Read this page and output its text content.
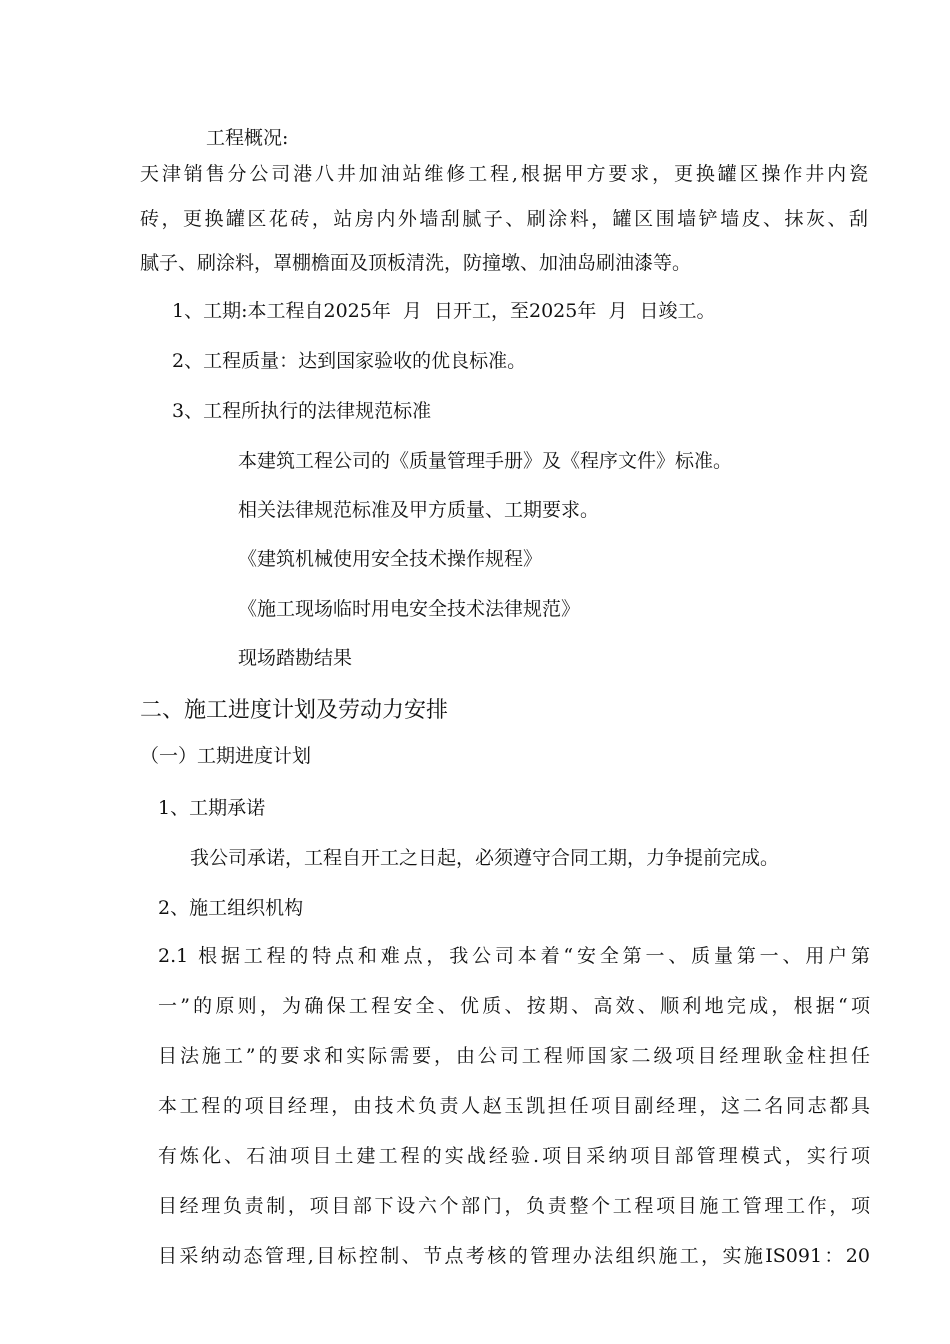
工程概况:
天津销售分公司港八井加油站维修工程,根据甲方要求，更换罐区操作井内瓷
砖，更换罐区花砖，站房内外墙刮腻子、刷涂料，罐区围墙铲墙皮、抹灰、刮
腻子、刷涂料，罩棚檐面及顶板清洗，防撞墩、加油岛刷油漆等。
1、工期:本工程自2025年  月  日开工，至2025年  月  日竣工。
2、工程质量：达到国家验收的优良标准。
3、工程所执行的法律规范标准
本建筑工程公司的《质量管理手册》及《程序文件》标准。
相关法律规范标准及甲方质量、工期要求。
《建筑机械使用安全技术操作规程》
《施工现场临时用电安全技术法律规范》
现场踏勘结果
二、施工进度计划及劳动力安排
（一）工期进度计划
1、工期承诺
我公司承诺，工程自开工之日起，必须遵守合同工期，力争提前完成。
2、施工组织机构
2.1 根据工程的特点和难点，我公司本着“安全第一、质量第一、用户第
一”的原则，为确保工程安全、优质、按期、高效、顺利地完成，根据“项
目法施工”的要求和实际需要，由公司工程师国家二级项目经理耿金柱担任
本工程的项目经理，由技术负责人赵玉凯担任项目副经理，这二名同志都具
有炼化、石油项目土建工程的实战经验.项目采纳项目部管理模式，实行项
目经理负责制，项目部下设六个部门，负责整个工程项目施工管理工作，项
目采纳动态管理,目标控制、节点考核的管理办法组织施工，实施IS091：20
